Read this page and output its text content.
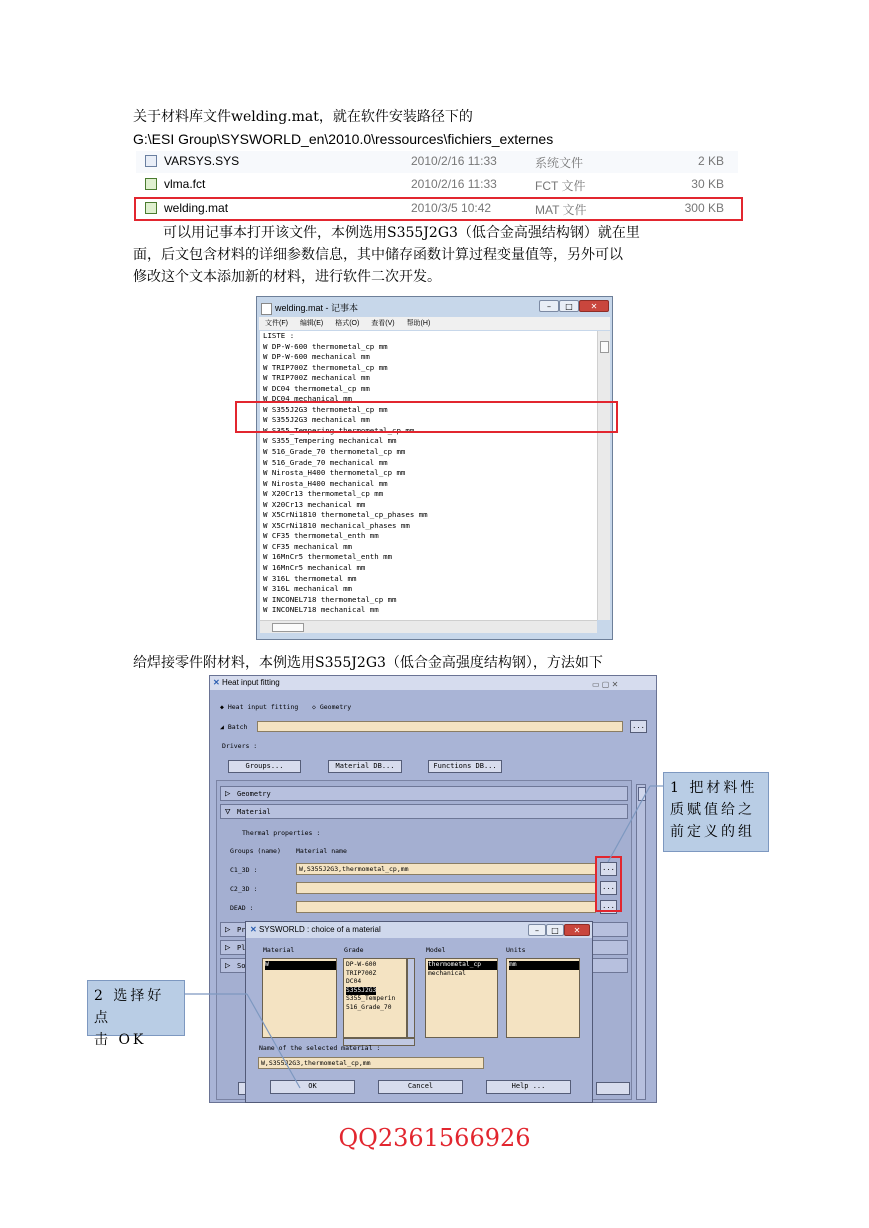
关于材料库文件welding.mat，就在软件安装路径下的
G:\ESI Group\SYSWORLD_en\2010.0\ressources\fichiers_externes
VARSYS.SYS	2010/2/16 11:33	系统文件	2 KB
vlma.fct	2010/2/16 11:33	FCT 文件	30 KB
welding.mat	2010/3/5 10:42	MAT 文件	300 KB
可以用记事本打开该文件，本例选用S355J2G3（低合金高强结构钢）就在里
面，后文包含材料的详细参数信息，其中储存函数计算过程变量值等，另外可以
修改这个文本添加新的材料，进行软件二次开发。
welding.mat - 记事本	–	□	✕
文件(F) 编辑(E) 格式(O) 查看(V) 帮助(H)
LISTE :
W DP-W-600 thermometal_cp mm
W DP-W-600 mechanical mm
W TRIP700Z thermometal_cp mm
W TRIP700Z mechanical mm
W DC04 thermometal_cp mm
W DC04 mechanical mm
W S355J2G3 thermometal_cp mm
W S355J2G3 mechanical mm
W S355_Tempering thermometal_cp mm
W S355_Tempering mechanical mm
W 516_Grade_70 thermometal_cp mm
W 516_Grade_70 mechanical mm
W Nirosta_H400 thermometal_cp mm
W Nirosta_H400 mechanical mm
W X20Cr13 thermometal_cp mm
W X20Cr13 mechanical mm
W X5CrNi1810 thermometal_cp_phases mm
W X5CrNi1810 mechanical_phases mm
W CF35 thermometal_enth mm
W CF35 mechanical mm
W 16MnCr5 thermometal_enth mm
W 16MnCr5 mechanical mm
W 316L thermometal mm
W 316L mechanical mm
W INCONEL718 thermometal_cp mm
W INCONEL718 mechanical mm
给焊接零件附材料，本例选用S355J2G3（低合金高强度结构钢），方法如下
✕ Heat input fitting	▭ ▢ ✕
◆ Heat input fitting ◇ Geometry
◢ Batch	...
Drivers :
Groups...	Material DB...	Functions DB...
▷ Geometry
▽ Material
Thermal properties :
Groups (name) Material name
C1_3D :	W,S355J2G3,thermometal_cp,mm	...
C2_3D :	...
DEAD :	...
▷ Pr
▷ Pl
▷ So
✕ SYSWORLD : choice of a material	–	□	✕
Material	Grade	Model	Units
W	DP-W-600
TRIP700Z
DC04
S355J2G3
S355_Temperin
516_Grade_70
thermometal_cp
mechanical
mm
Name of the selected material :
W,S355J2G3,thermometal_cp,mm
OK	Cancel	Help ...
1 把材料性
质赋值给之
前定义的组
2 选择好点
击 OK
QQ2361566926
